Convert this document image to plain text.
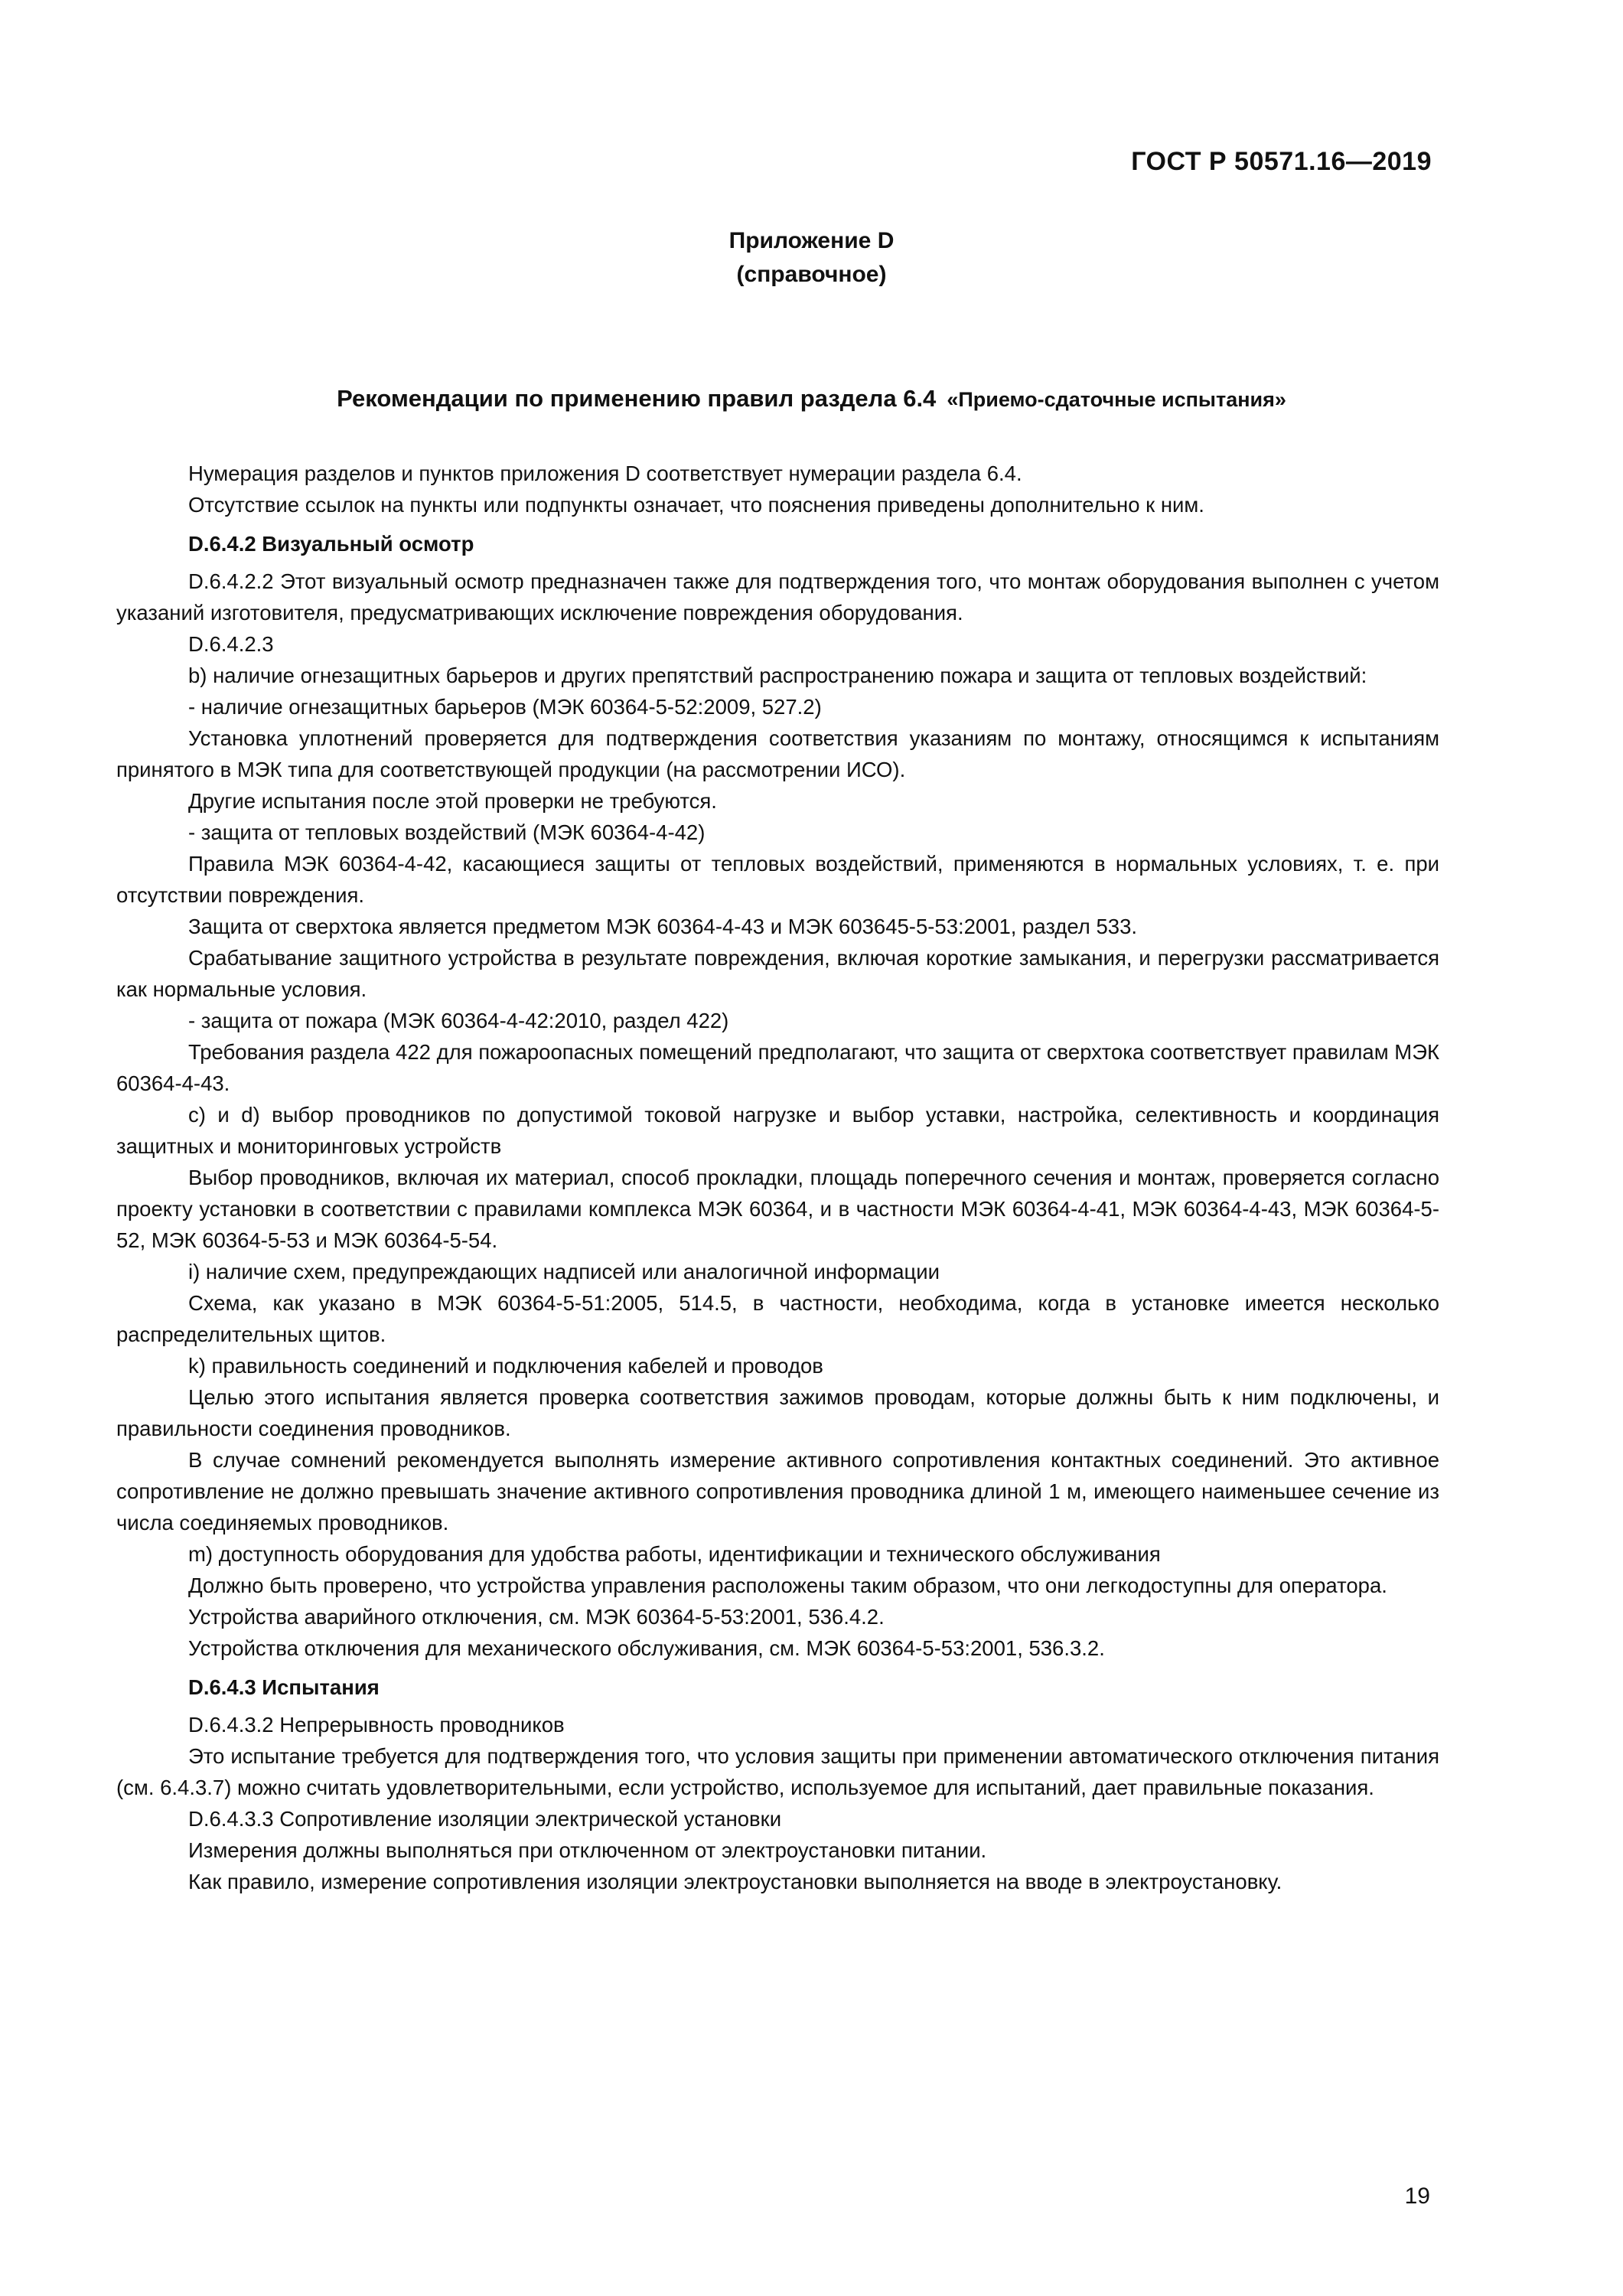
ГОСТ Р 50571.16—2019
Приложение D
(справочное)
Рекомендации по применению правил раздела 6.4 «Приемо-сдаточные испытания»

Нумерация разделов и пунктов приложения D соответствует нумерации раздела 6.4.

Отсутствие ссылок на пункты или подпункты означает, что пояснения приведены дополнительно к ним.

D.6.4.2 Визуальный осмотр

D.6.4.2.2 Этот визуальный осмотр предназначен также для подтверждения того, что монтаж оборудования выполнен с учетом указаний изготовителя, предусматривающих исключение повреждения оборудования.

D.6.4.2.3

b) наличие огнезащитных барьеров и других препятствий распространению пожара и защита от тепловых воздействий:

- наличие огнезащитных барьеров (МЭК 60364-5-52:2009, 527.2)

Установка уплотнений проверяется для подтверждения соответствия указаниям по монтажу, относящимся к испытаниям принятого в МЭК типа для соответствующей продукции (на рассмотрении ИСО).

Другие испытания после этой проверки не требуются.

- защита от тепловых воздействий (МЭК 60364-4-42)

Правила МЭК 60364-4-42, касающиеся защиты от тепловых воздействий, применяются в нормальных условиях, т. е. при отсутствии повреждения.

Защита от сверхтока является предметом МЭК 60364-4-43 и МЭК 603645-5-53:2001, раздел 533.

Срабатывание защитного устройства в результате повреждения, включая короткие замыкания, и перегрузки рассматривается как нормальные условия.

- защита от пожара (МЭК 60364-4-42:2010, раздел 422)

Требования раздела 422 для пожароопасных помещений предполагают, что защита от сверхтока соответствует правилам МЭК 60364-4-43.

с) и d) выбор проводников по допустимой токовой нагрузке и выбор уставки, настройка, селективность и координация защитных и мониторинговых устройств

Выбор проводников, включая их материал, способ прокладки, площадь поперечного сечения и монтаж, проверяется согласно проекту установки в соответствии с правилами комплекса МЭК 60364, и в частности МЭК 60364-4-41, МЭК 60364-4-43, МЭК 60364-5-52, МЭК 60364-5-53 и МЭК 60364-5-54.

i) наличие схем, предупреждающих надписей или аналогичной информации

Схема, как указано в МЭК 60364-5-51:2005, 514.5, в частности, необходима, когда в установке имеется несколько распределительных щитов.

k) правильность соединений и подключения кабелей и проводов

Целью этого испытания является проверка соответствия зажимов проводам, которые должны быть к ним подключены, и правильности соединения проводников.

В случае сомнений рекомендуется выполнять измерение активного сопротивления контактных соединений. Это активное сопротивление не должно превышать значение активного сопротивления проводника длиной 1 м, имеющего наименьшее сечение из числа соединяемых проводников.

m) доступность оборудования для удобства работы, идентификации и технического обслуживания

Должно быть проверено, что устройства управления расположены таким образом, что они легкодоступны для оператора.

Устройства аварийного отключения, см. МЭК 60364-5-53:2001, 536.4.2.

Устройства отключения для механического обслуживания, см. МЭК 60364-5-53:2001, 536.3.2.

D.6.4.3 Испытания

D.6.4.3.2 Непрерывность проводников

Это испытание требуется для подтверждения того, что условия защиты при применении автоматического отключения питания (см. 6.4.3.7) можно считать удовлетворительными, если устройство, используемое для испытаний, дает правильные показания.

D.6.4.3.3 Сопротивление изоляции электрической установки

Измерения должны выполняться при отключенном от электроустановки питании.

Как правило, измерение сопротивления изоляции электроустановки выполняется на вводе в электроустановку.

19
